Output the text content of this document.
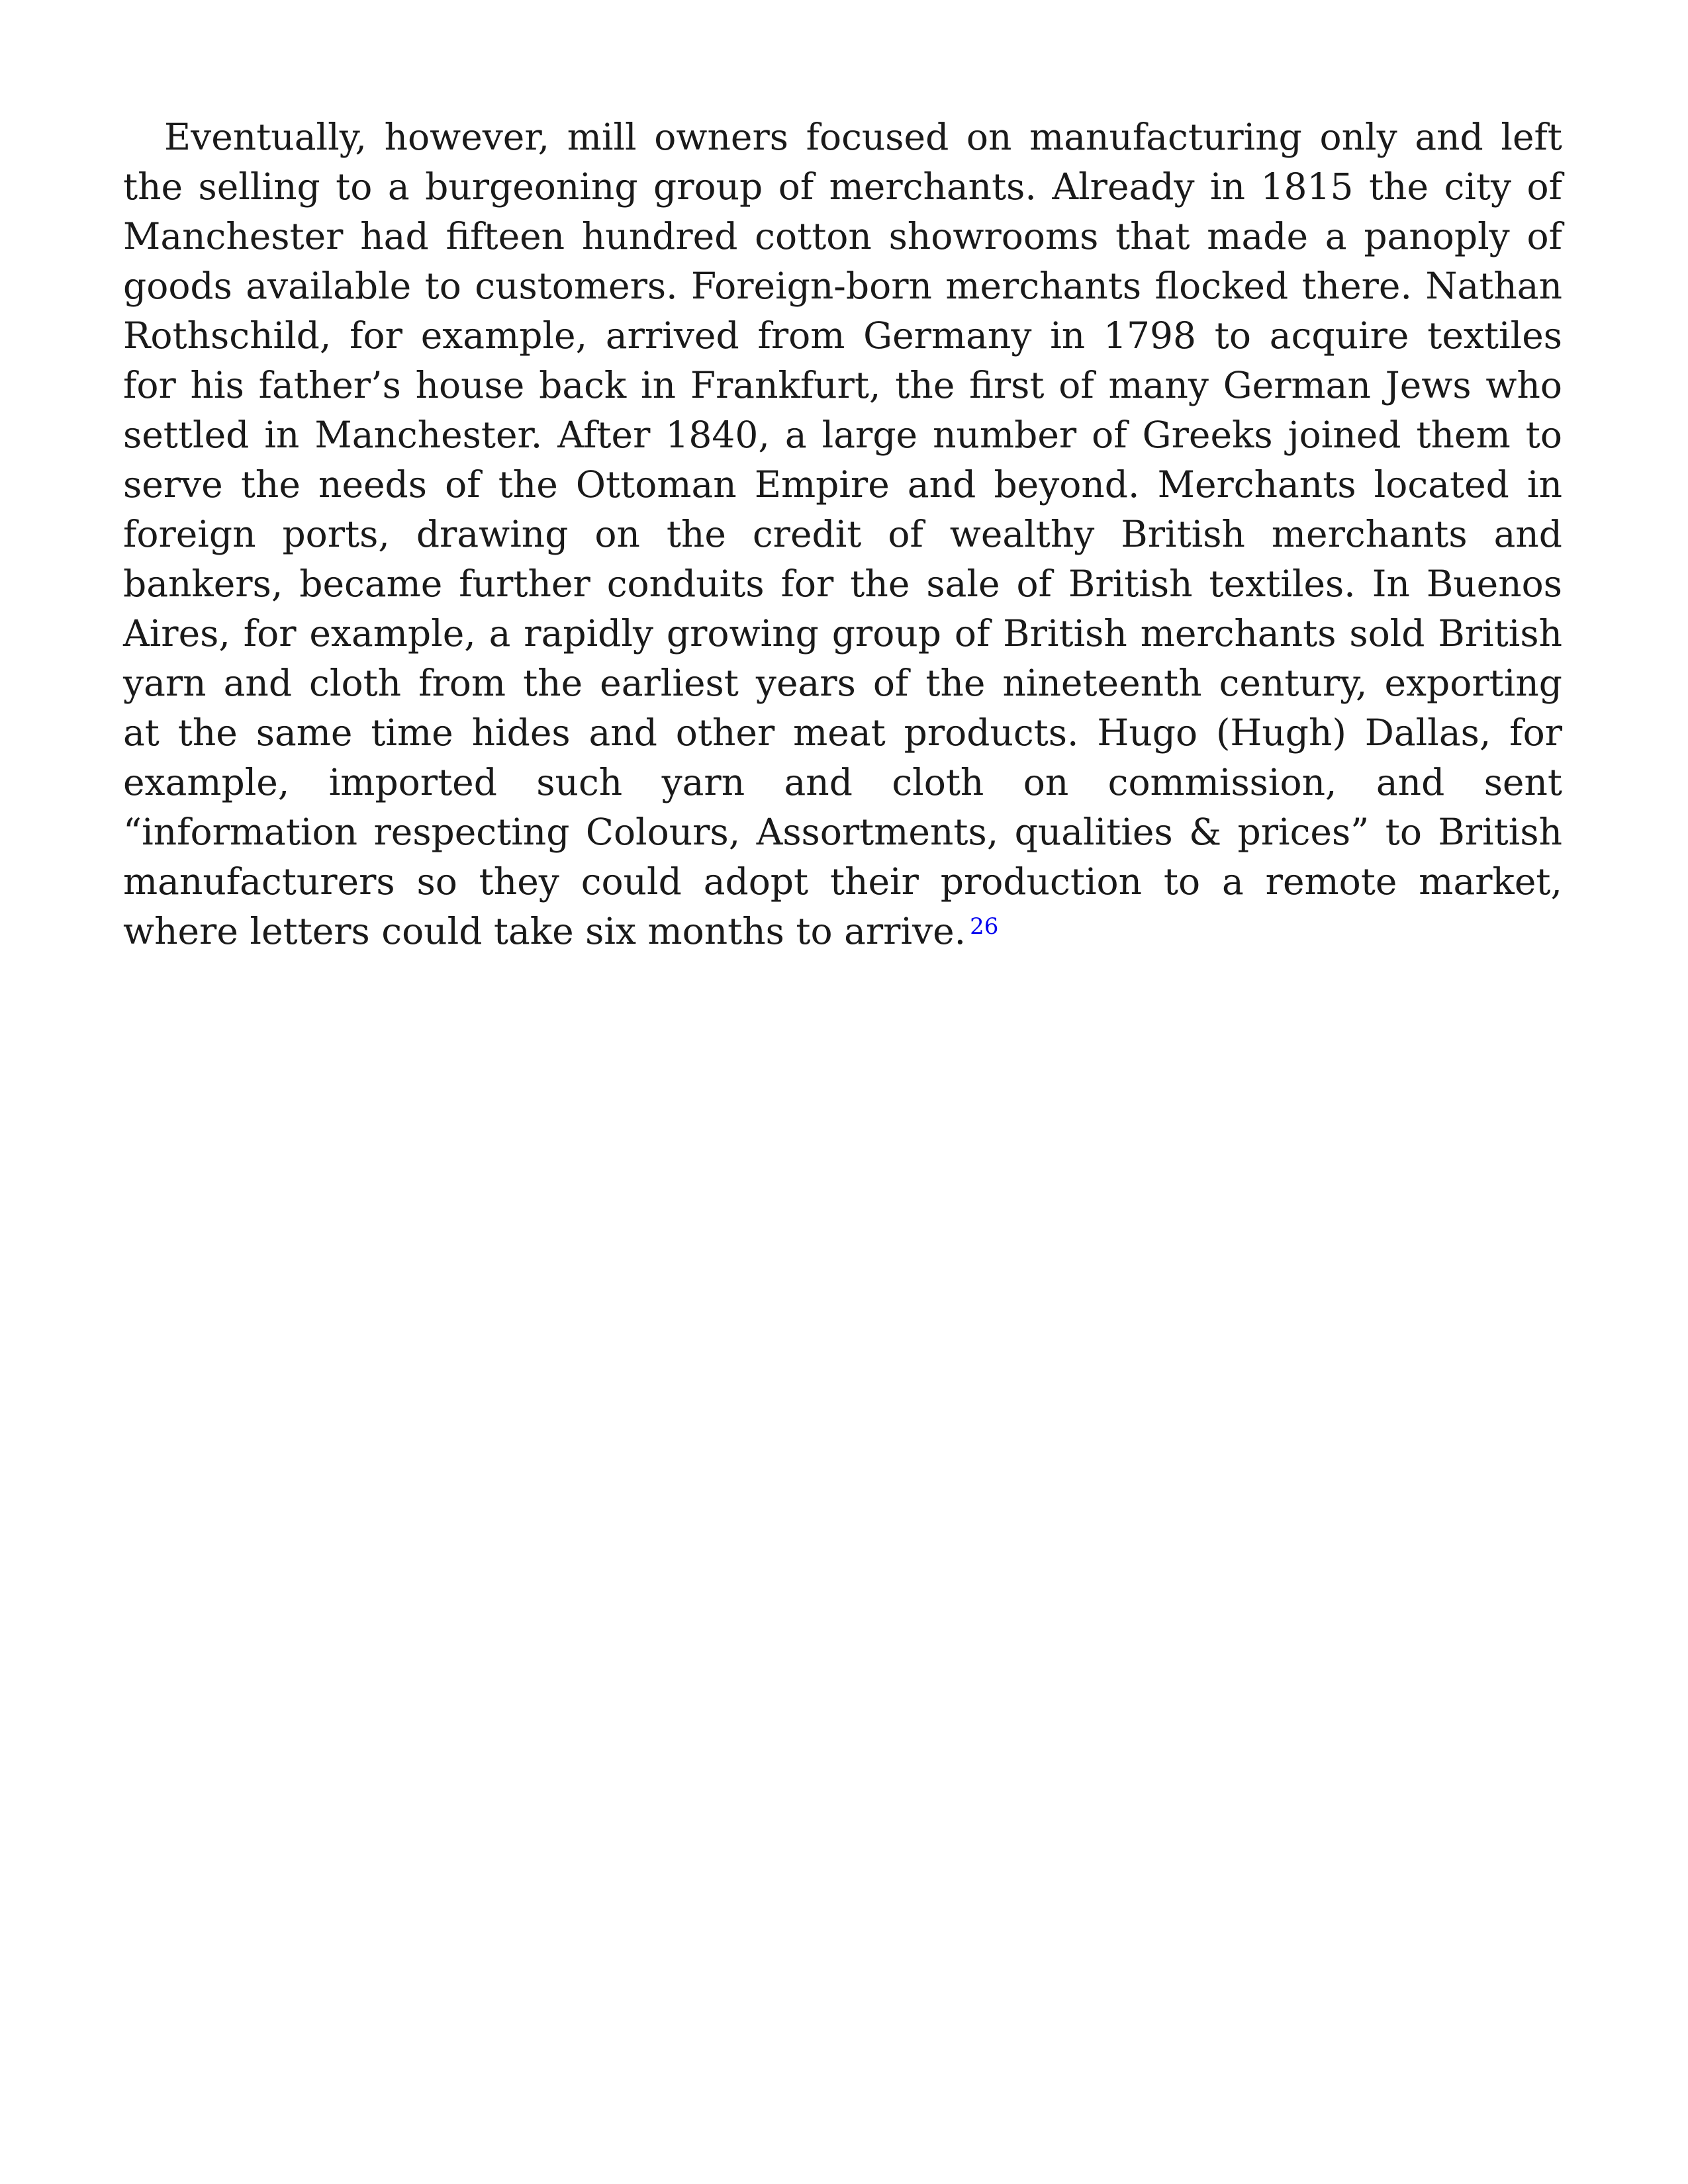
Eventually, however, mill owners focused on manufacturing only and left
the selling to a burgeoning group of merchants. Already in 1815 the city of
Manchester had fifteen hundred cotton showrooms that made a panoply of
goods available to customers. Foreign-born merchants flocked there. Nathan
Rothschild, for example, arrived from Germany in 1798 to acquire textiles
for his father’s house back in Frankfurt, the first of many German Jews who
settled in Manchester. After 1840, a large number of Greeks joined them to
serve the needs of the Ottoman Empire and beyond. Merchants located in
foreign ports, drawing on the credit of wealthy British merchants and
bankers, became further conduits for the sale of British textiles. In Buenos
Aires, for example, a rapidly growing group of British merchants sold British
yarn and cloth from the earliest years of the nineteenth century, exporting
at the same time hides and other meat products. Hugo (Hugh) Dallas, for
example, imported such yarn and cloth on commission, and sent
“information respecting Colours, Assortments, qualities & prices” to British
manufacturers so they could adopt their production to a remote market,
where letters could take six months to arrive. $^{26}$
